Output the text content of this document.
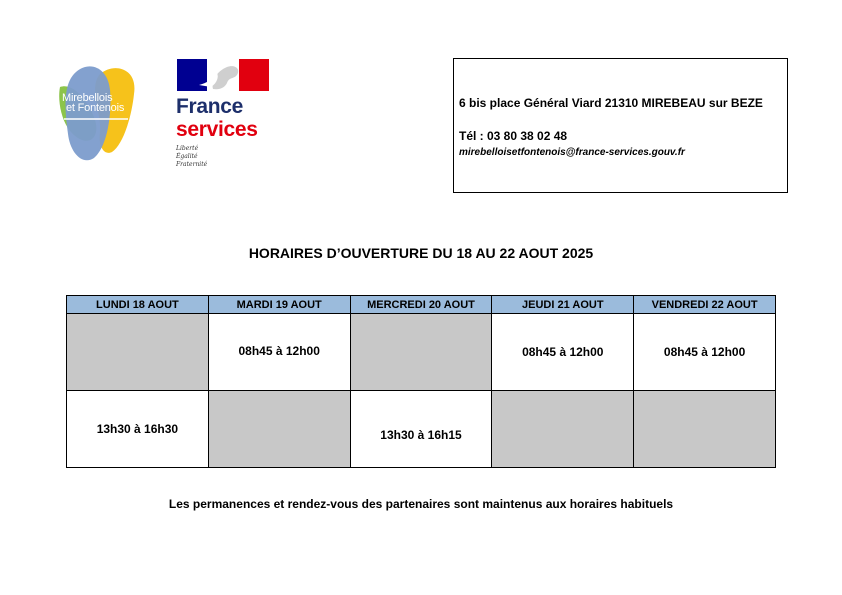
Mirebellois
et Fontenois	France
services
Liberté
Égalité
Fraternité
6 bis place Général Viard 21310 MIREBEAU sur BEZE
Tél : 03 80 38 02 48
mirebelloisetfontenois@france-services.gouv.fr
HORAIRES D’OUVERTURE DU 18 AU 22 AOUT 2025
LUNDI 18 AOUT	MARDI 19 AOUT	MERCREDI 20 AOUT	JEUDI 21 AOUT	VENDREDI 22 AOUT
	08h45 à 12h00		08h45 à 12h00	08h45 à 12h00
13h30 à 16h30		13h30 à 16h15		
Les permanences et rendez-vous des partenaires sont maintenus aux horaires habituels
